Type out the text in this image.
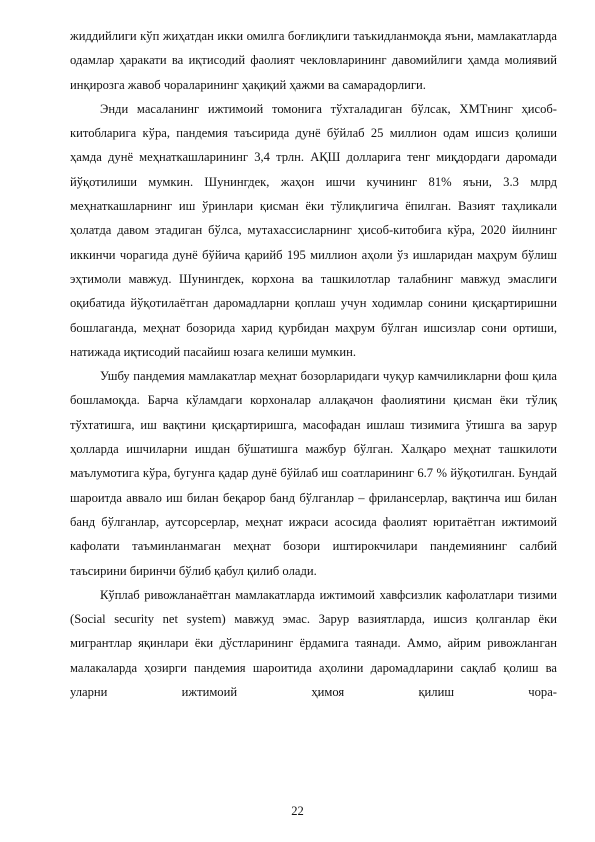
жиддийлиги кўп жиҳатдан икки омилга боғлиқлиги таъкидланмоқда яъни, мамлакатларда одамлар ҳаракати ва иқтисодий фаолият чекловларининг давомийлиги ҳамда молиявий инқирозга жавоб чораларининг ҳақиқий ҳажми ва самарадорлиги.

Энди масаланинг ижтимоий томонига тўхталадиган бўлсак, ХМТнинг ҳисоб-китобларига кўра, пандемия таъсирида дунё бўйлаб 25 миллион одам ишсиз қолиши ҳамда дунё меҳнаткашларининг 3,4 трлн. АҚШ долларига тенг миқдордаги даромади йўқотилиши мумкин. Шунингдек, жаҳон ишчи кучининг 81% яъни, 3.3 млрд меҳнаткашларнинг иш ўринлари қисман ёки тўлиқлигича ёпилган. Вазият таҳликали ҳолатда давом этадиган бўлса, мутахассисларнинг ҳисоб-китобига кўра, 2020 йилнинг иккинчи чорагида дунё бўйича қарийб 195 миллион аҳоли ўз ишларидан маҳрум бўлиш эҳтимоли мавжуд. Шунингдек, корхона ва ташкилотлар талабнинг мавжуд эмаслиги оқибатида йўқотилаётган даромадларни қоплаш учун ходимлар сонини қисқартиришни бошлаганда, меҳнат бозорида харид қурбидан маҳрум бўлган ишсизлар сони ортиши, натижада иқтисодий пасайиш юзага келиши мумкин.

Ушбу пандемия мамлакатлар меҳнат бозорларидаги чуқур камчиликларни фош қила бошламоқда. Барча кўламдаги корхоналар аллақачон фаолиятини қисман ёки тўлиқ тўхтатишга, иш вақтини қисқартиришга, масофадан ишлаш тизимига ўтишга ва зарур ҳолларда ишчиларни ишдан бўшатишга мажбур бўлган. Халқаро меҳнат ташкилоти маълумотига кўра, бугунга қадар дунё бўйлаб иш соатларининг 6.7 % йўқотилган. Бундай шароитда аввало иш билан бeқарор банд бўлганлар – фрилансерлар, вақтинча иш билан банд бўлганлар, аутсорсерлар, меҳнат ижраси асосида фаолият юритаётган ижтимоий кафолати таъминланмаган меҳнат бозори иштирокчилари пандемиянинг салбий таъсирини биринчи бўлиб қабул қилиб олади.

Кўплаб ривожланаётган мамлакатларда ижтимоий хавфсизлик кафолатлари тизими (Social security net system) мавжуд эмас. Зарур вазиятларда, ишсиз қолганлар ёки мигрантлар яқинлари ёки дўстларининг ёрдамига таянади. Аммо, айрим ривожланган малакаларда ҳозирги пандемия шароитида аҳолини даромадларини сақлаб қолиш ва уларни ижтимоий ҳимоя қилиш чора-

22
